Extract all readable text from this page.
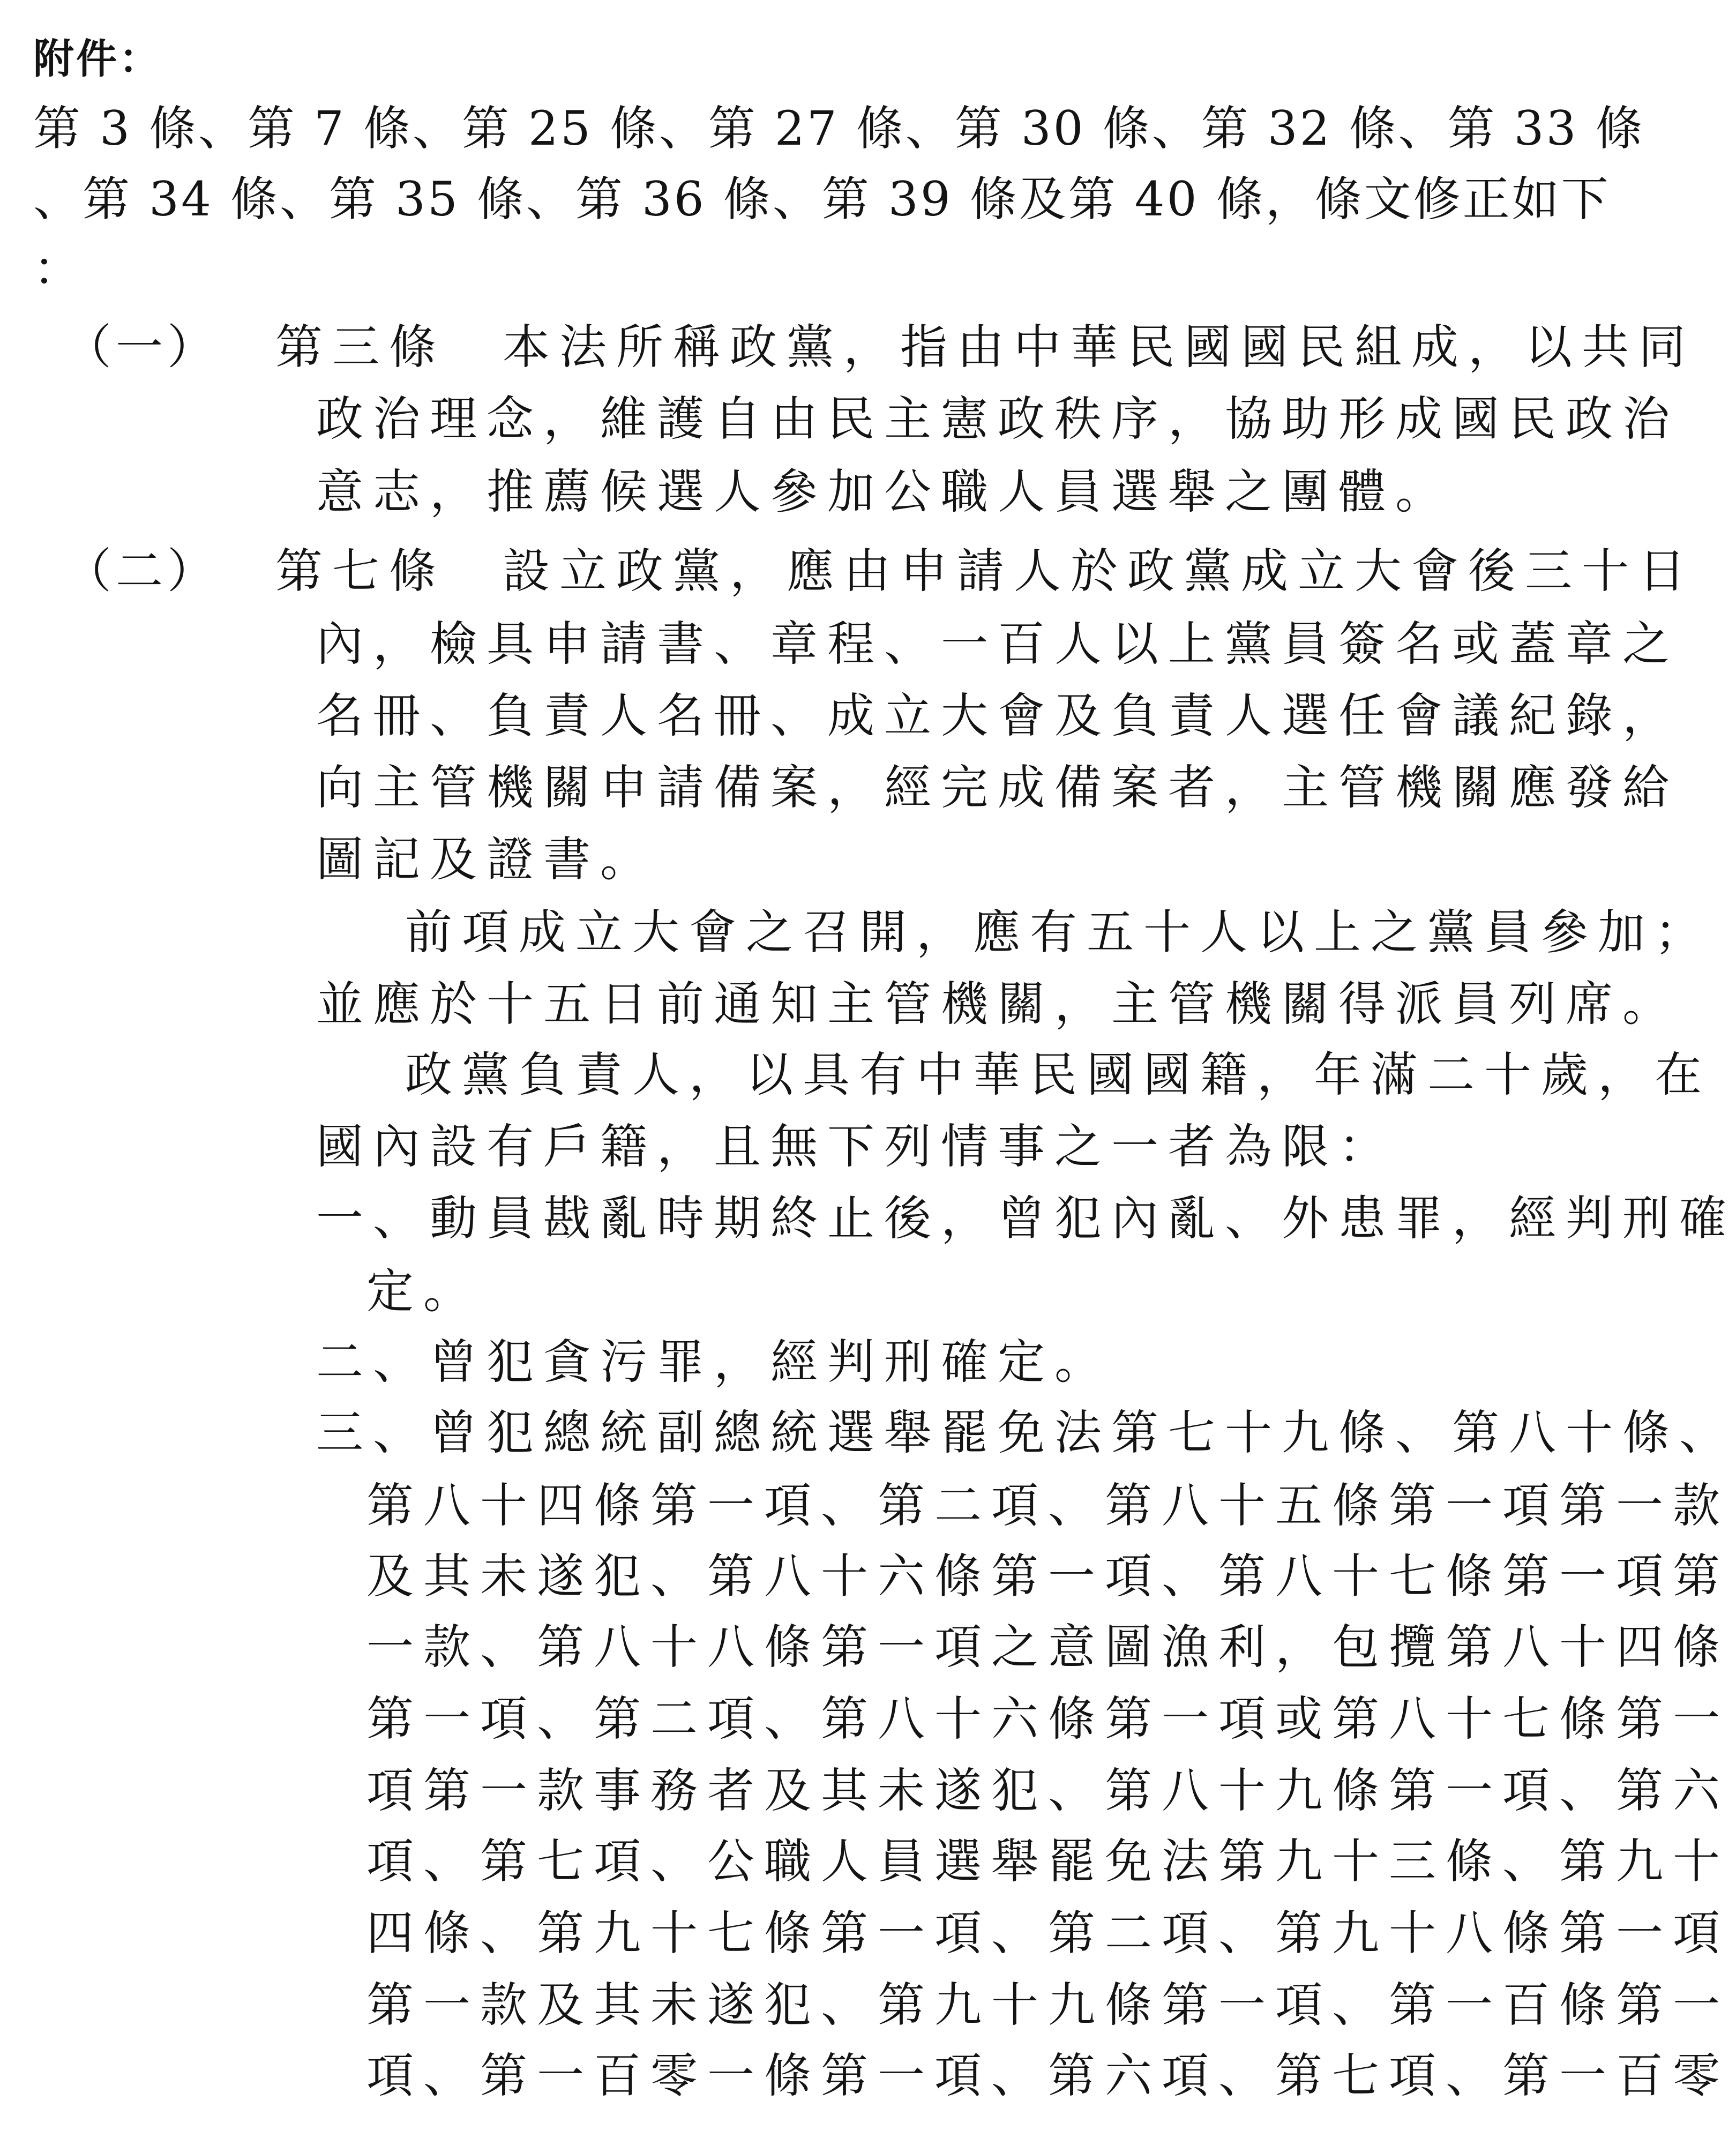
附件：
第 3 條、第 7 條、第 25 條、第 27 條、第 30 條、第 32 條、第 33 條
、第 34 條、第 35 條、第 36 條、第 39 條及第 40 條，條文修正如下
：
（一） 第三條　本法所稱政黨，指由中華民國國民組成，以共同
政治理念，維護自由民主憲政秩序，協助形成國民政治
意志，推薦候選人參加公職人員選舉之團體。
（二） 第七條　設立政黨，應由申請人於政黨成立大會後三十日
內，檢具申請書、章程、一百人以上黨員簽名或蓋章之
名冊、負責人名冊、成立大會及負責人選任會議紀錄，
向主管機關申請備案，經完成備案者，主管機關應發給
圖記及證書。
前項成立大會之召開，應有五十人以上之黨員參加；
並應於十五日前通知主管機關，主管機關得派員列席。
政黨負責人，以具有中華民國國籍，年滿二十歲，在
國內設有戶籍，且無下列情事之一者為限：
一、動員戡亂時期終止後，曾犯內亂、外患罪，經判刑確
定。
二、曾犯貪污罪，經判刑確定。
三、曾犯總統副總統選舉罷免法第七十九條、第八十條、
第八十四條第一項、第二項、第八十五條第一項第一款
及其未遂犯、第八十六條第一項、第八十七條第一項第
一款、第八十八條第一項之意圖漁利，包攬第八十四條
第一項、第二項、第八十六條第一項或第八十七條第一
項第一款事務者及其未遂犯、第八十九條第一項、第六
項、第七項、公職人員選舉罷免法第九十三條、第九十
四條、第九十七條第一項、第二項、第九十八條第一項
第一款及其未遂犯、第九十九條第一項、第一百條第一
項、第一百零一條第一項、第六項、第七項、第一百零
